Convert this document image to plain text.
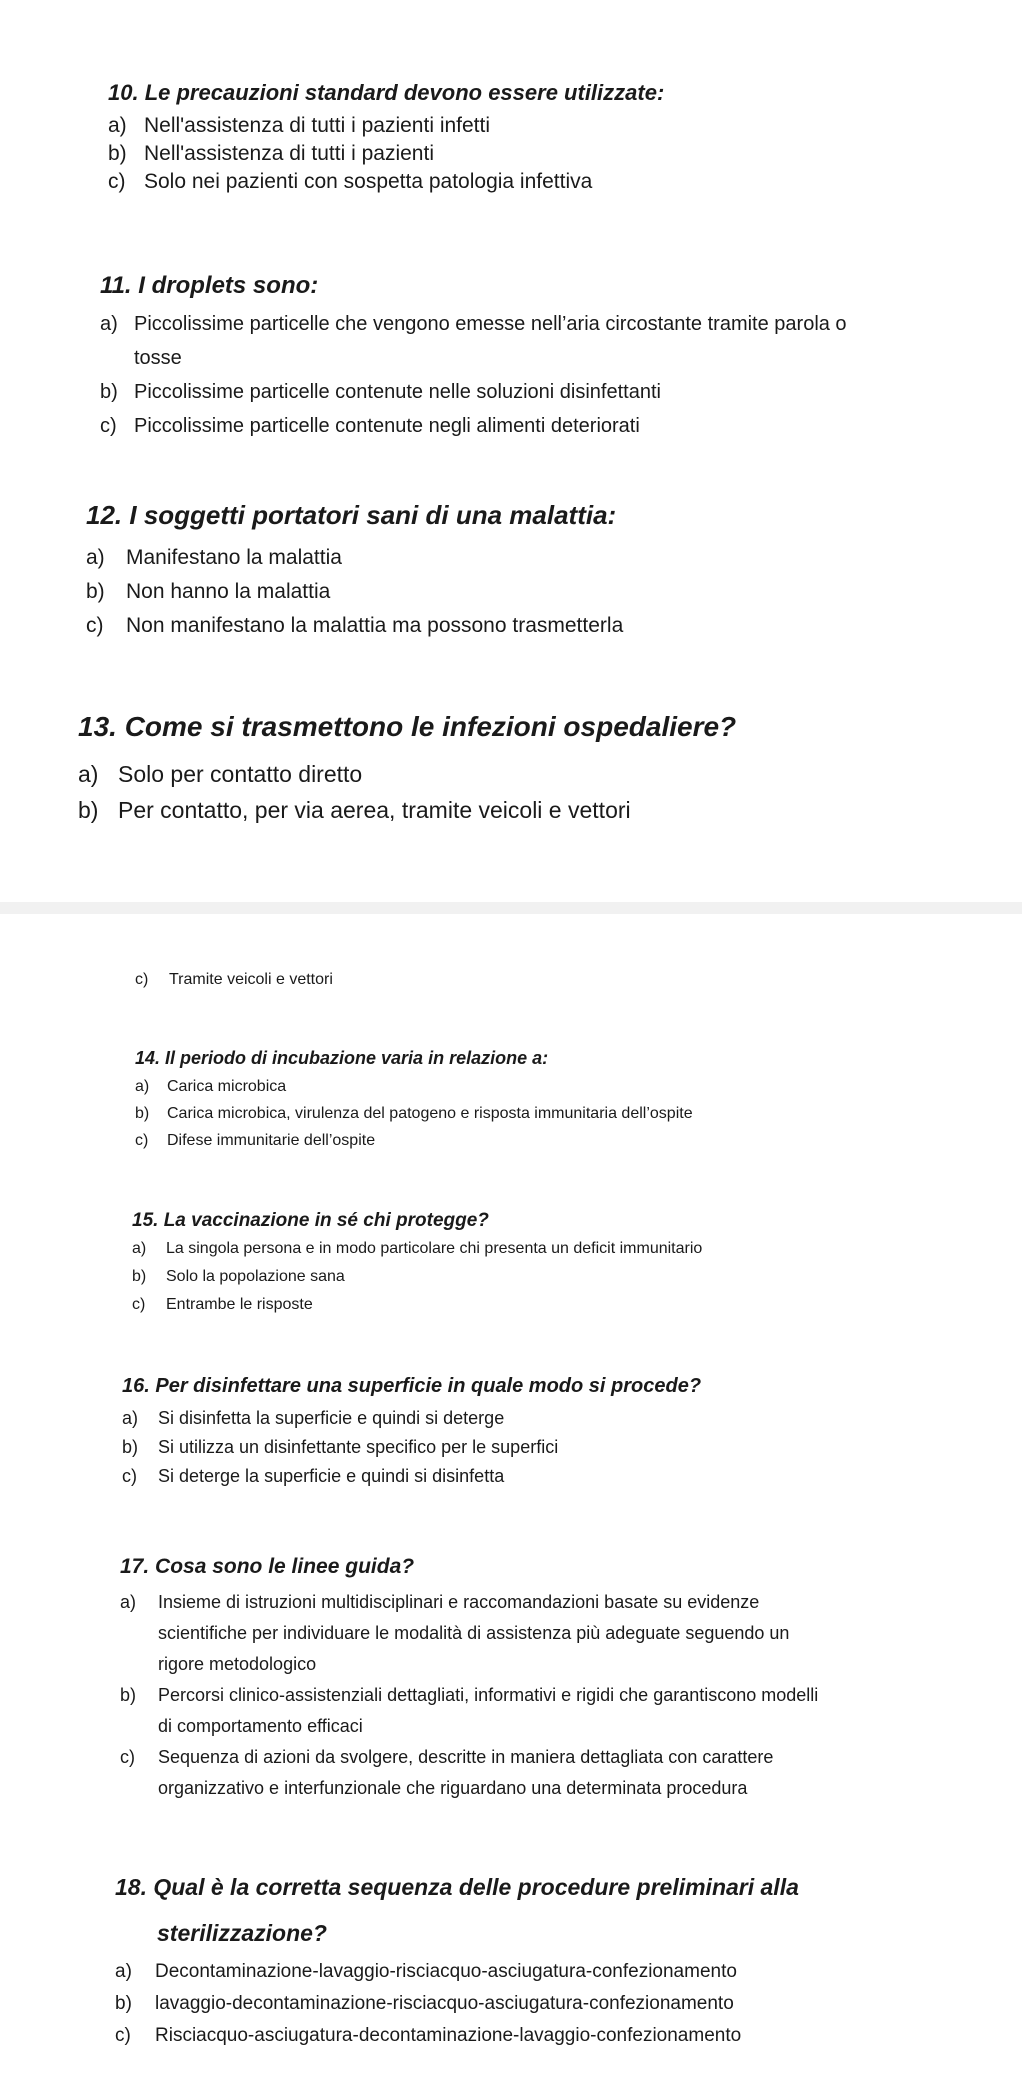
10. Le precauzioni standard devono essere utilizzate:

a) Nell'assistenza di tutti i pazienti infetti
b) Nell'assistenza di tutti i pazienti
c) Solo nei pazienti con sospetta patologia infettiva

11. I droplets sono:

a) Piccolissime particelle che vengono emesse nell’aria circostante tramite parola o
tosse
b) Piccolissime particelle contenute nelle soluzioni disinfettanti
c) Piccolissime particelle contenute negli alimenti deteriorati

12. I soggetti portatori sani di una malattia:

a)	Manifestano la malattia
b)	Non hanno la malattia
c)	Non manifestano la malattia ma possono trasmetterla

13. Come si trasmettono le infezioni ospedaliere?

a) Solo per contatto diretto
b) Per contatto, per via aerea, tramite veicoli e vettori
c)	Tramite veicoli e vettori

14. Il periodo di incubazione varia in relazione a:

a)	Carica microbica
b)	Carica microbica, virulenza del patogeno e risposta immunitaria dell’ospite
c)	Difese immunitarie dell’ospite

15. La vaccinazione in sé chi protegge?

a)	La singola persona e in modo particolare chi presenta un deficit immunitario
b)	Solo la popolazione sana
c)	Entrambe le risposte

16. Per disinfettare una superficie in quale modo si procede?

a)	Si disinfetta la superficie e quindi si deterge
b)	Si utilizza un disinfettante specifico per le superfici
c)	Si deterge la superficie e quindi si disinfetta

17. Cosa sono le linee guida?

a)	Insieme di istruzioni multidisciplinari e raccomandazioni basate su evidenze
scientifiche per individuare le modalità di assistenza più adeguate seguendo un
rigore metodologico
b)	Percorsi clinico-assistenziali dettagliati, informativi e rigidi che garantiscono modelli
di comportamento efficaci
c)	Sequenza di azioni da svolgere, descritte in maniera dettagliata con carattere
organizzativo e interfunzionale che riguardano una determinata procedura

18. Qual è la corretta sequenza delle procedure preliminari alla
sterilizzazione?

a)	Decontaminazione-lavaggio-risciacquo-asciugatura-confezionamento
b)	lavaggio-decontaminazione-risciacquo-asciugatura-confezionamento
c)	Risciacquo-asciugatura-decontaminazione-lavaggio-confezionamento
